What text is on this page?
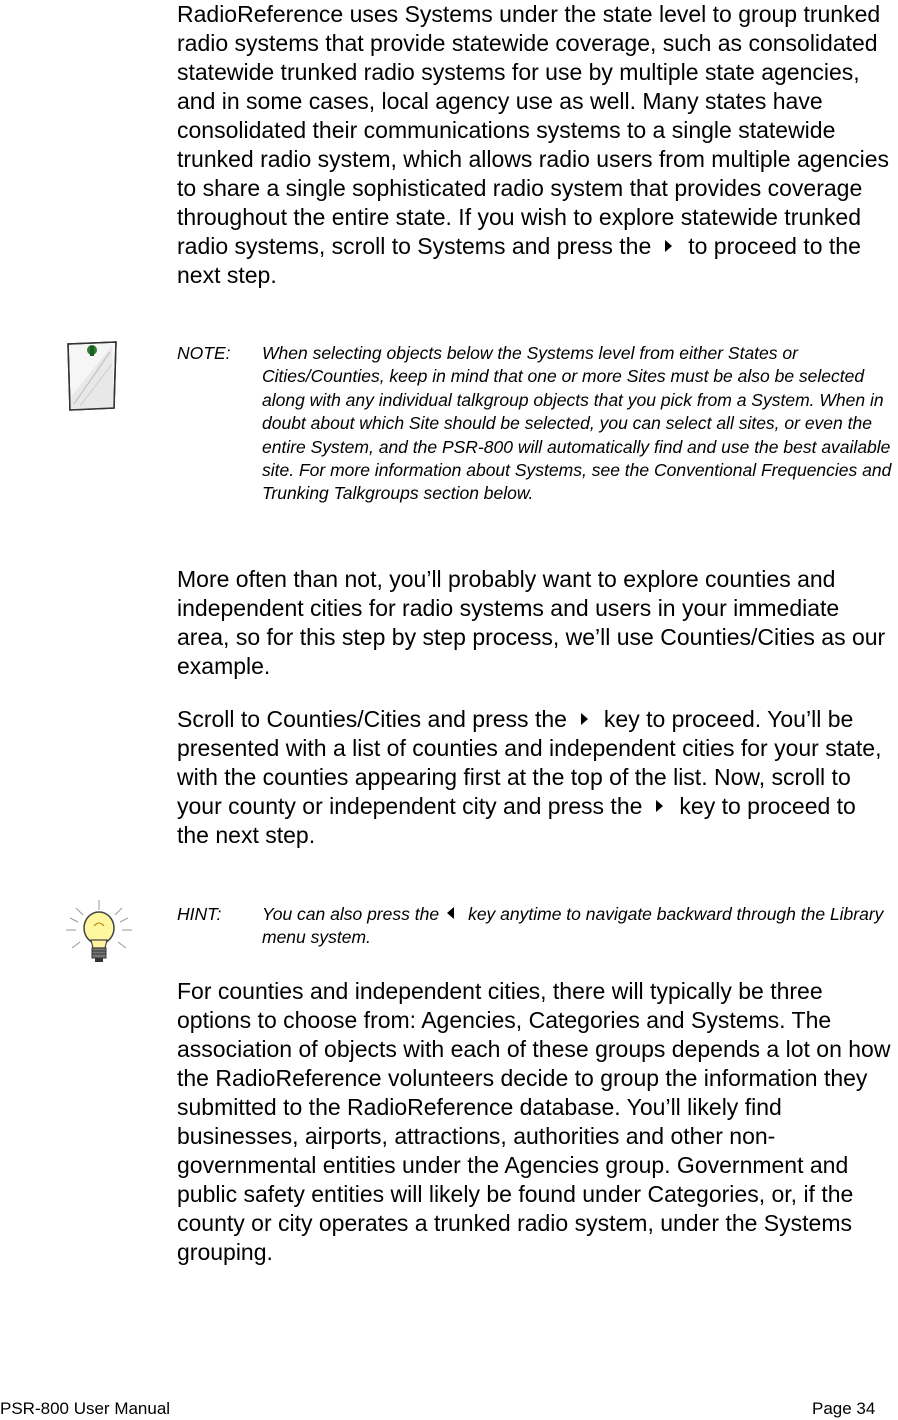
RadioReference uses Systems under the state level to group trunked radio systems that provide statewide coverage, such as consolidated statewide trunked radio systems for use by multiple state agencies, and in some cases, local agency use as well. Many states have consolidated their communications systems to a single statewide trunked radio system, which allows radio users from multiple agencies to share a single sophisticated radio system that provides coverage throughout the entire state. If you wish to explore statewide trunked radio systems, scroll to Systems and press the to proceed to the next step.

NOTE: When selecting objects below the Systems level from either States or Cities/Counties, keep in mind that one or more Sites must be also be selected along with any individual talkgroup objects that you pick from a System. When in doubt about which Site should be selected, you can select all sites, or even the entire System, and the PSR-800 will automatically find and use the best available site. For more information about Systems, see the Conventional Frequencies and Trunking Talkgroups section below.

More often than not, you’ll probably want to explore counties and independent cities for radio systems and users in your immediate area, so for this step by step process, we’ll use Counties/Cities as our example.

Scroll to Counties/Cities and press the key to proceed. You’ll be presented with a list of counties and independent cities for your state, with the counties appearing first at the top of the list. Now, scroll to your county or independent city and press the key to proceed to the next step.

HINT: You can also press the key anytime to navigate backward through the Library menu system.

For counties and independent cities, there will typically be three options to choose from: Agencies, Categories and Systems. The association of objects with each of these groups depends a lot on how the RadioReference volunteers decide to group the information they submitted to the RadioReference database. You’ll likely find businesses, airports, attractions, authorities and other non-governmental entities under the Agencies group. Government and public safety entities will likely be found under Categories, or, if the county or city operates a trunked radio system, under the Systems grouping.

PSR-800 User Manual	Page 34
